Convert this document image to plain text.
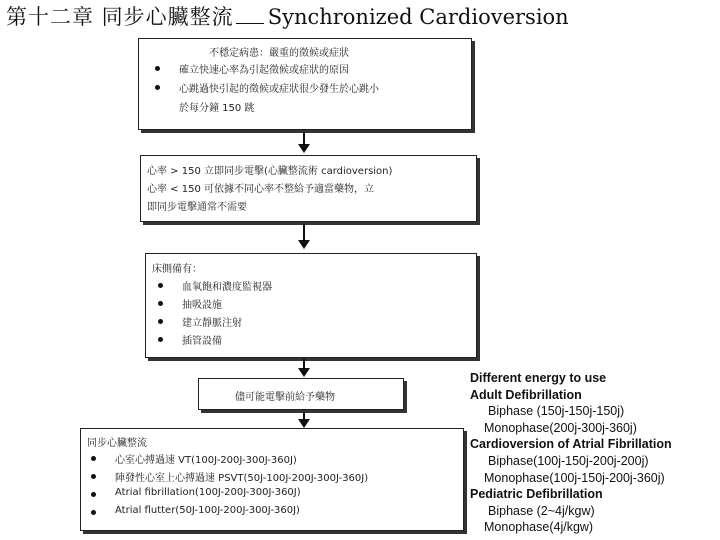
第十二章 同步心臟整流 Synchronized Cardioversion
不穩定病患：嚴重的徵候或症狀
確立快速心率為引起徵候或症狀的原因
心跳過快引起的徵候或症狀很少發生於心跳小
於每分鐘 150 跳
心率 > 150 立即同步電擊(心臟整流術 cardioversion)
心率 < 150 可依據不同心率不整給予適當藥物，立
即同步電擊通常不需要
床側備有：
血氧飽和濃度監視器
抽吸設施
建立靜脈注射
插管設備
儘可能電擊前給予藥物
同步心臟整流
心室心搏過速 VT(100J-200J-300J-360J)
陣發性心室上心搏過速 PSVT(50J-100J-200J-300J-360J)
Atrial fibrillation(100J-200J-300J-360J)
Atrial flutter(50J-100J-200J-300J-360J)
Different energy to use
Adult Defibrillation
Biphase (150j-150j-150j)
Monophase(200j-300j-360j)
Cardioversion of Atrial Fibrillation
Biphase(100j-150j-200j-200j)
Monophase(100j-150j-200j-360j)
Pediatric Defibrillation
Biphase (2~4j/kgw)
Monophase(4j/kgw)
